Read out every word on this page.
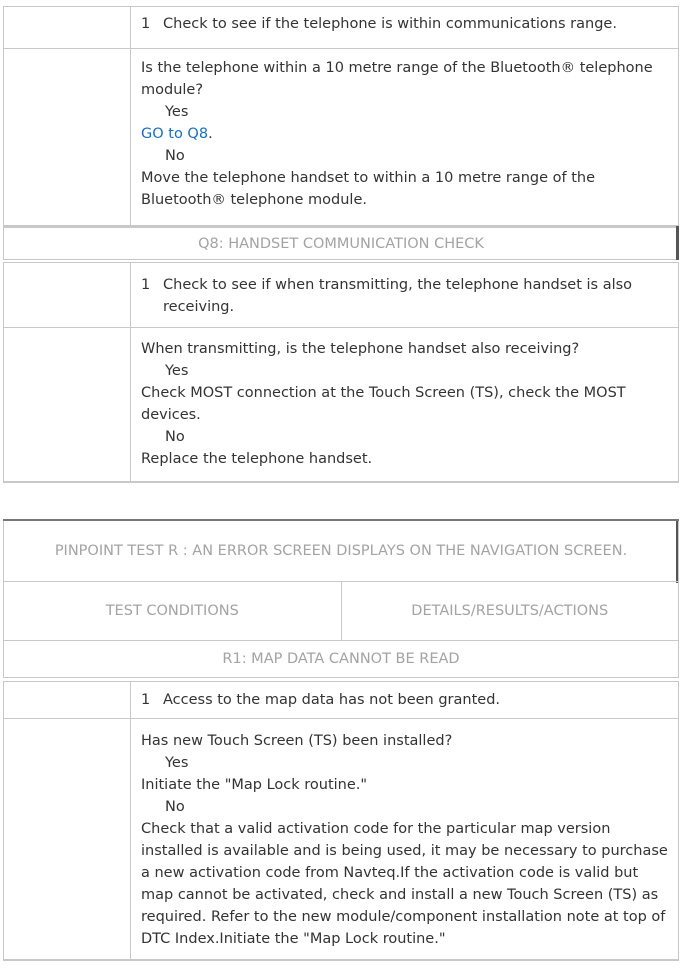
	1 Check to see if the telephone is within communications range.

	Is the telephone within a 10 metre range of the Bluetooth® telephone module?
Yes
GO to Q8.
No
Move the telephone handset to within a 10 metre range of the Bluetooth® telephone module.
Q8: HANDSET COMMUNICATION CHECK

	1 Check to see if when transmitting, the telephone handset is also receiving.

	When transmitting, is the telephone handset also receiving?
Yes
Check MOST connection at the Touch Screen (TS), check the MOST devices.
No
Replace the telephone handset.
PINPOINT TEST R : AN ERROR SCREEN DISPLAYS ON THE NAVIGATION SCREEN.
TEST CONDITIONS	DETAILS/RESULTS/ACTIONS
R1: MAP DATA CANNOT BE READ

	1 Access to the map data has not been granted.

	Has new Touch Screen (TS) been installed?
Yes
Initiate the "Map Lock routine."
No
Check that a valid activation code for the particular map version installed is available and is being used, it may be necessary to purchase a new activation code from Navteq.If the activation code is valid but map cannot be activated, check and install a new Touch Screen (TS) as required. Refer to the new module/component installation note at top of DTC Index.Initiate the "Map Lock routine."
